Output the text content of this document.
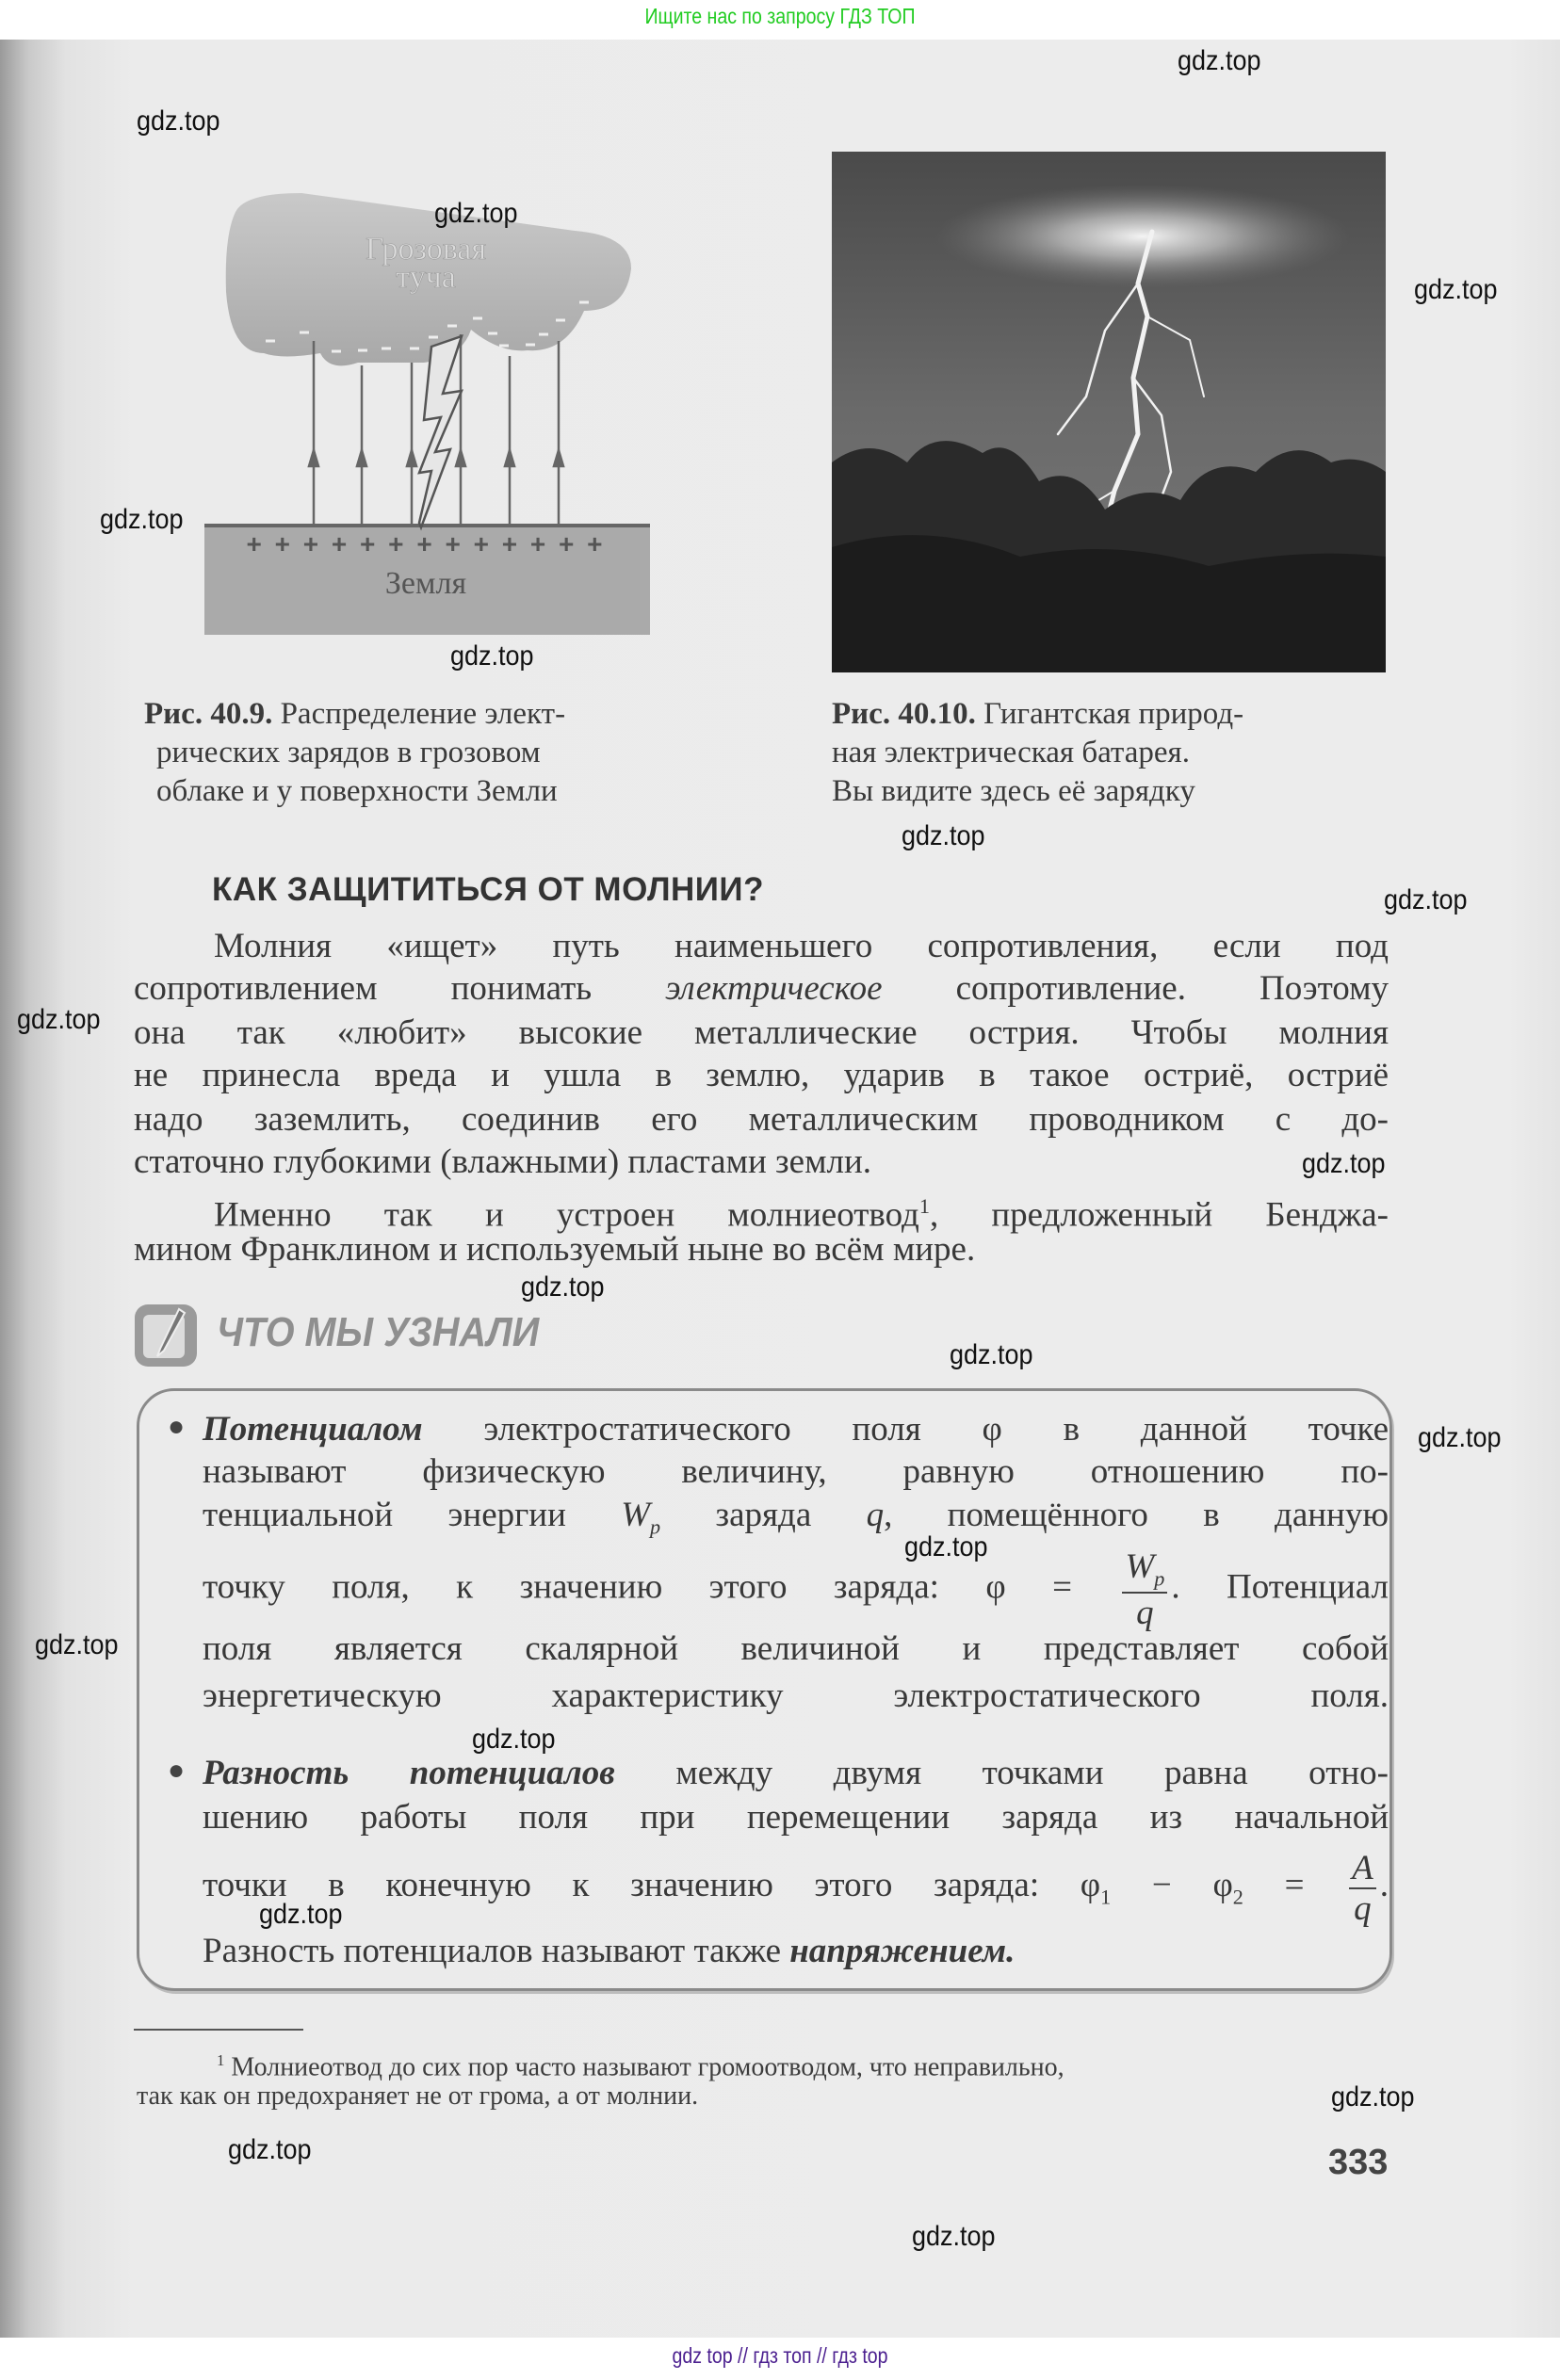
Ищите нас по запросу ГДЗ ТОП
Грозовая
туча
+ + + + + + + + + + + + +
Земля
Рис. 40.9. Распределение элект-
рических зарядов в грозовом
облаке и у поверхности Земли
Рис. 40.10. Гигантская природ-
ная электрическая батарея.
Вы видите здесь её зарядку
КАК ЗАЩИТИТЬСЯ ОТ МОЛНИИ?
Молния «ищет» путь наименьшего сопротивления, если под
сопротивлением понимать электрическое сопротивление. Поэтому
она так «любит» высокие металлические острия. Чтобы молния
не принесла вреда и ушла в землю, ударив в такое остриё, остриё
надо заземлить, соединив его металлическим проводником с до-
статочно глубокими (влажными) пластами земли.
Именно так и устроен молниеотвод$^1$, предложенный Бенджа-
мином Франклином и используемый ныне во всём мире.
ЧТО МЫ УЗНАЛИ
● Потенциалом электростатического поля φ в данной точке
называют физическую величину, равную отношению по-
тенциальной энергии $W_p$ заряда q, помещённого в данную
точку поля, к значению этого заряда: $\varphi = \frac{W_p}{q}$ . Потенциал
поля является скалярной величиной и представляет собой
энергетическую характеристику электростатического поля.
● Разность потенциалов между двумя точками равна отно-
шению работы поля при перемещении заряда из начальной
точки в конечную к значению этого заряда: $\varphi_1 - \varphi_2 = \frac{A}{q}$ .
Разность потенциалов называют также напряжением.
$^1$ Молниеотвод до сих пор часто называют громоотводом, что неправильно,
так как он предохраняет не от грома, а от молнии.
333
gdz.top
gdz.top
gdz.top
gdz.top
gdz.top
gdz.top
gdz.top
gdz.top
gdz.top
gdz.top
gdz.top
gdz.top
gdz.top
gdz.top
gdz.top
gdz.top
gdz.top
gdz.top
gdz.top
gdz.top
gdz top // гдз топ // гдз top
